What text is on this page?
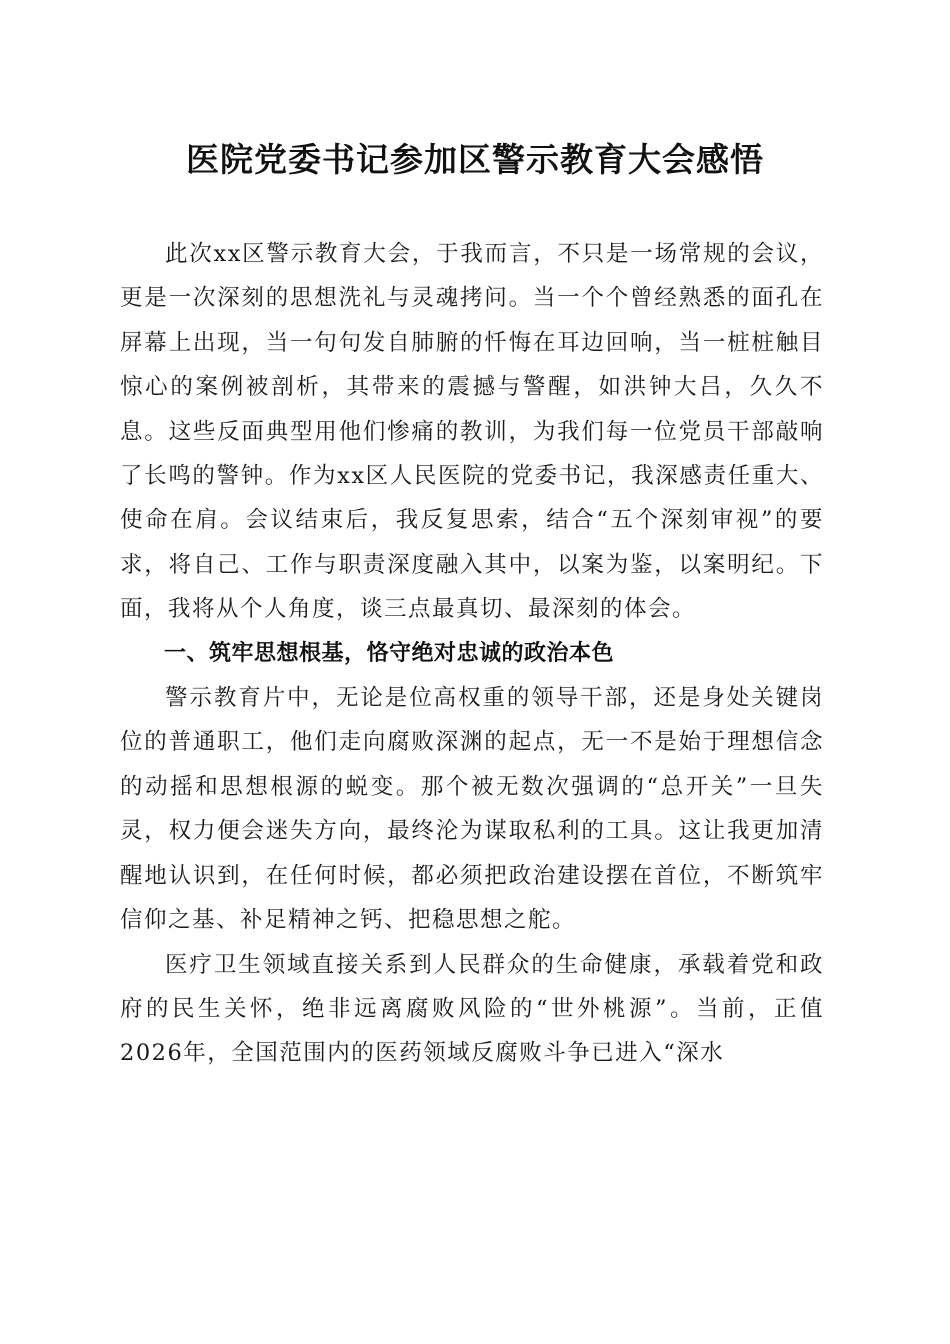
医院党委书记参加区警示教育大会感悟

此次xx区警示教育大会，于我而言，不只是一场常规的会议，更是一次深刻的思想洗礼与灵魂拷问。当一个个曾经熟悉的面孔在屏幕上出现，当一句句发自肺腑的忏悔在耳边回响，当一桩桩触目惊心的案例被剖析，其带来的震撼与警醒，如洪钟大吕，久久不息。这些反面典型用他们惨痛的教训，为我们每一位党员干部敲响了长鸣的警钟。作为xx区人民医院的党委书记，我深感责任重大、使命在肩。会议结束后，我反复思索，结合“五个深刻审视”的要求，将自己、工作与职责深度融入其中，以案为鉴，以案明纪。下面，我将从个人角度，谈三点最真切、最深刻的体会。

一、筑牢思想根基，恪守绝对忠诚的政治本色

警示教育片中，无论是位高权重的领导干部，还是身处关键岗位的普通职工，他们走向腐败深渊的起点，无一不是始于理想信念的动摇和思想根源的蜕变。那个被无数次强调的“总开关”一旦失灵，权力便会迷失方向，最终沦为谋取私利的工具。这让我更加清醒地认识到，在任何时候，都必须把政治建设摆在首位，不断筑牢信仰之基、补足精神之钙、把稳思想之舵。

医疗卫生领域直接关系到人民群众的生命健康，承载着党和政府的民生关怀，绝非远离腐败风险的“世外桃源”。当前，正值2026年，全国范围内的医药领域反腐败斗争已进入“深水
